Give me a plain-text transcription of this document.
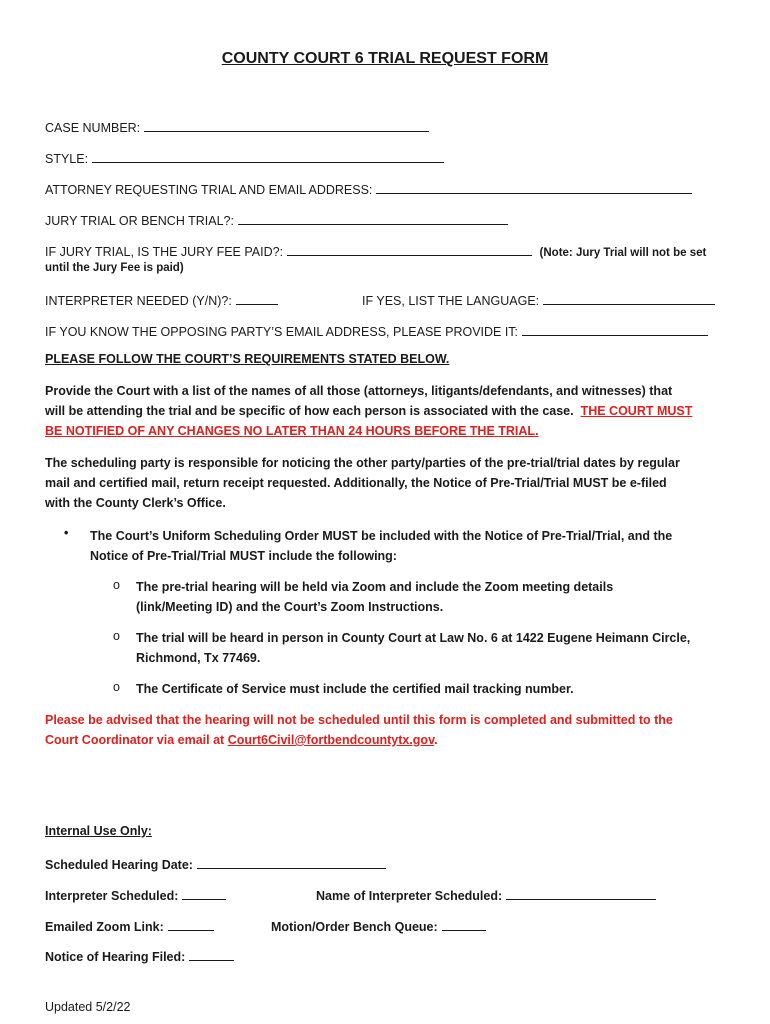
COUNTY COURT 6 TRIAL REQUEST FORM
CASE NUMBER:
STYLE:
ATTORNEY REQUESTING TRIAL AND EMAIL ADDRESS:
JURY TRIAL OR BENCH TRIAL?:
IF JURY TRIAL, IS THE JURY FEE PAID?:	(Note: Jury Trial will not be set
until the Jury Fee is paid)
INTERPRETER NEEDED (Y/N)?:	IF YES, LIST THE LANGUAGE:
IF YOU KNOW THE OPPOSING PARTY’S EMAIL ADDRESS, PLEASE PROVIDE IT:
PLEASE FOLLOW THE COURT’S REQUIREMENTS STATED BELOW.
Provide the Court with a list of the names of all those (attorneys, litigants/defendants, and witnesses) that
will be attending the trial and be specific of how each person is associated with the case. THE COURT MUST
BE NOTIFIED OF ANY CHANGES NO LATER THAN 24 HOURS BEFORE THE TRIAL.
The scheduling party is responsible for noticing the other party/parties of the pre-trial/trial dates by regular
mail and certified mail, return receipt requested. Additionally, the Notice of Pre-Trial/Trial MUST be e-filed
with the County Clerk’s Office.
• The Court’s Uniform Scheduling Order MUST be included with the Notice of Pre-Trial/Trial, and the
Notice of Pre-Trial/Trial MUST include the following:
o The pre-trial hearing will be held via Zoom and include the Zoom meeting details
(link/Meeting ID) and the Court’s Zoom Instructions.
o The trial will be heard in person in County Court at Law No. 6 at 1422 Eugene Heimann Circle,
Richmond, Tx 77469.
o The Certificate of Service must include the certified mail tracking number.
Please be advised that the hearing will not be scheduled until this form is completed and submitted to the
Court Coordinator via email at Court6Civil@fortbendcountytx.gov.
Internal Use Only:
Scheduled Hearing Date:
Interpreter Scheduled:	Name of Interpreter Scheduled:
Emailed Zoom Link:	Motion/Order Bench Queue:
Notice of Hearing Filed:
Updated 5/2/22
